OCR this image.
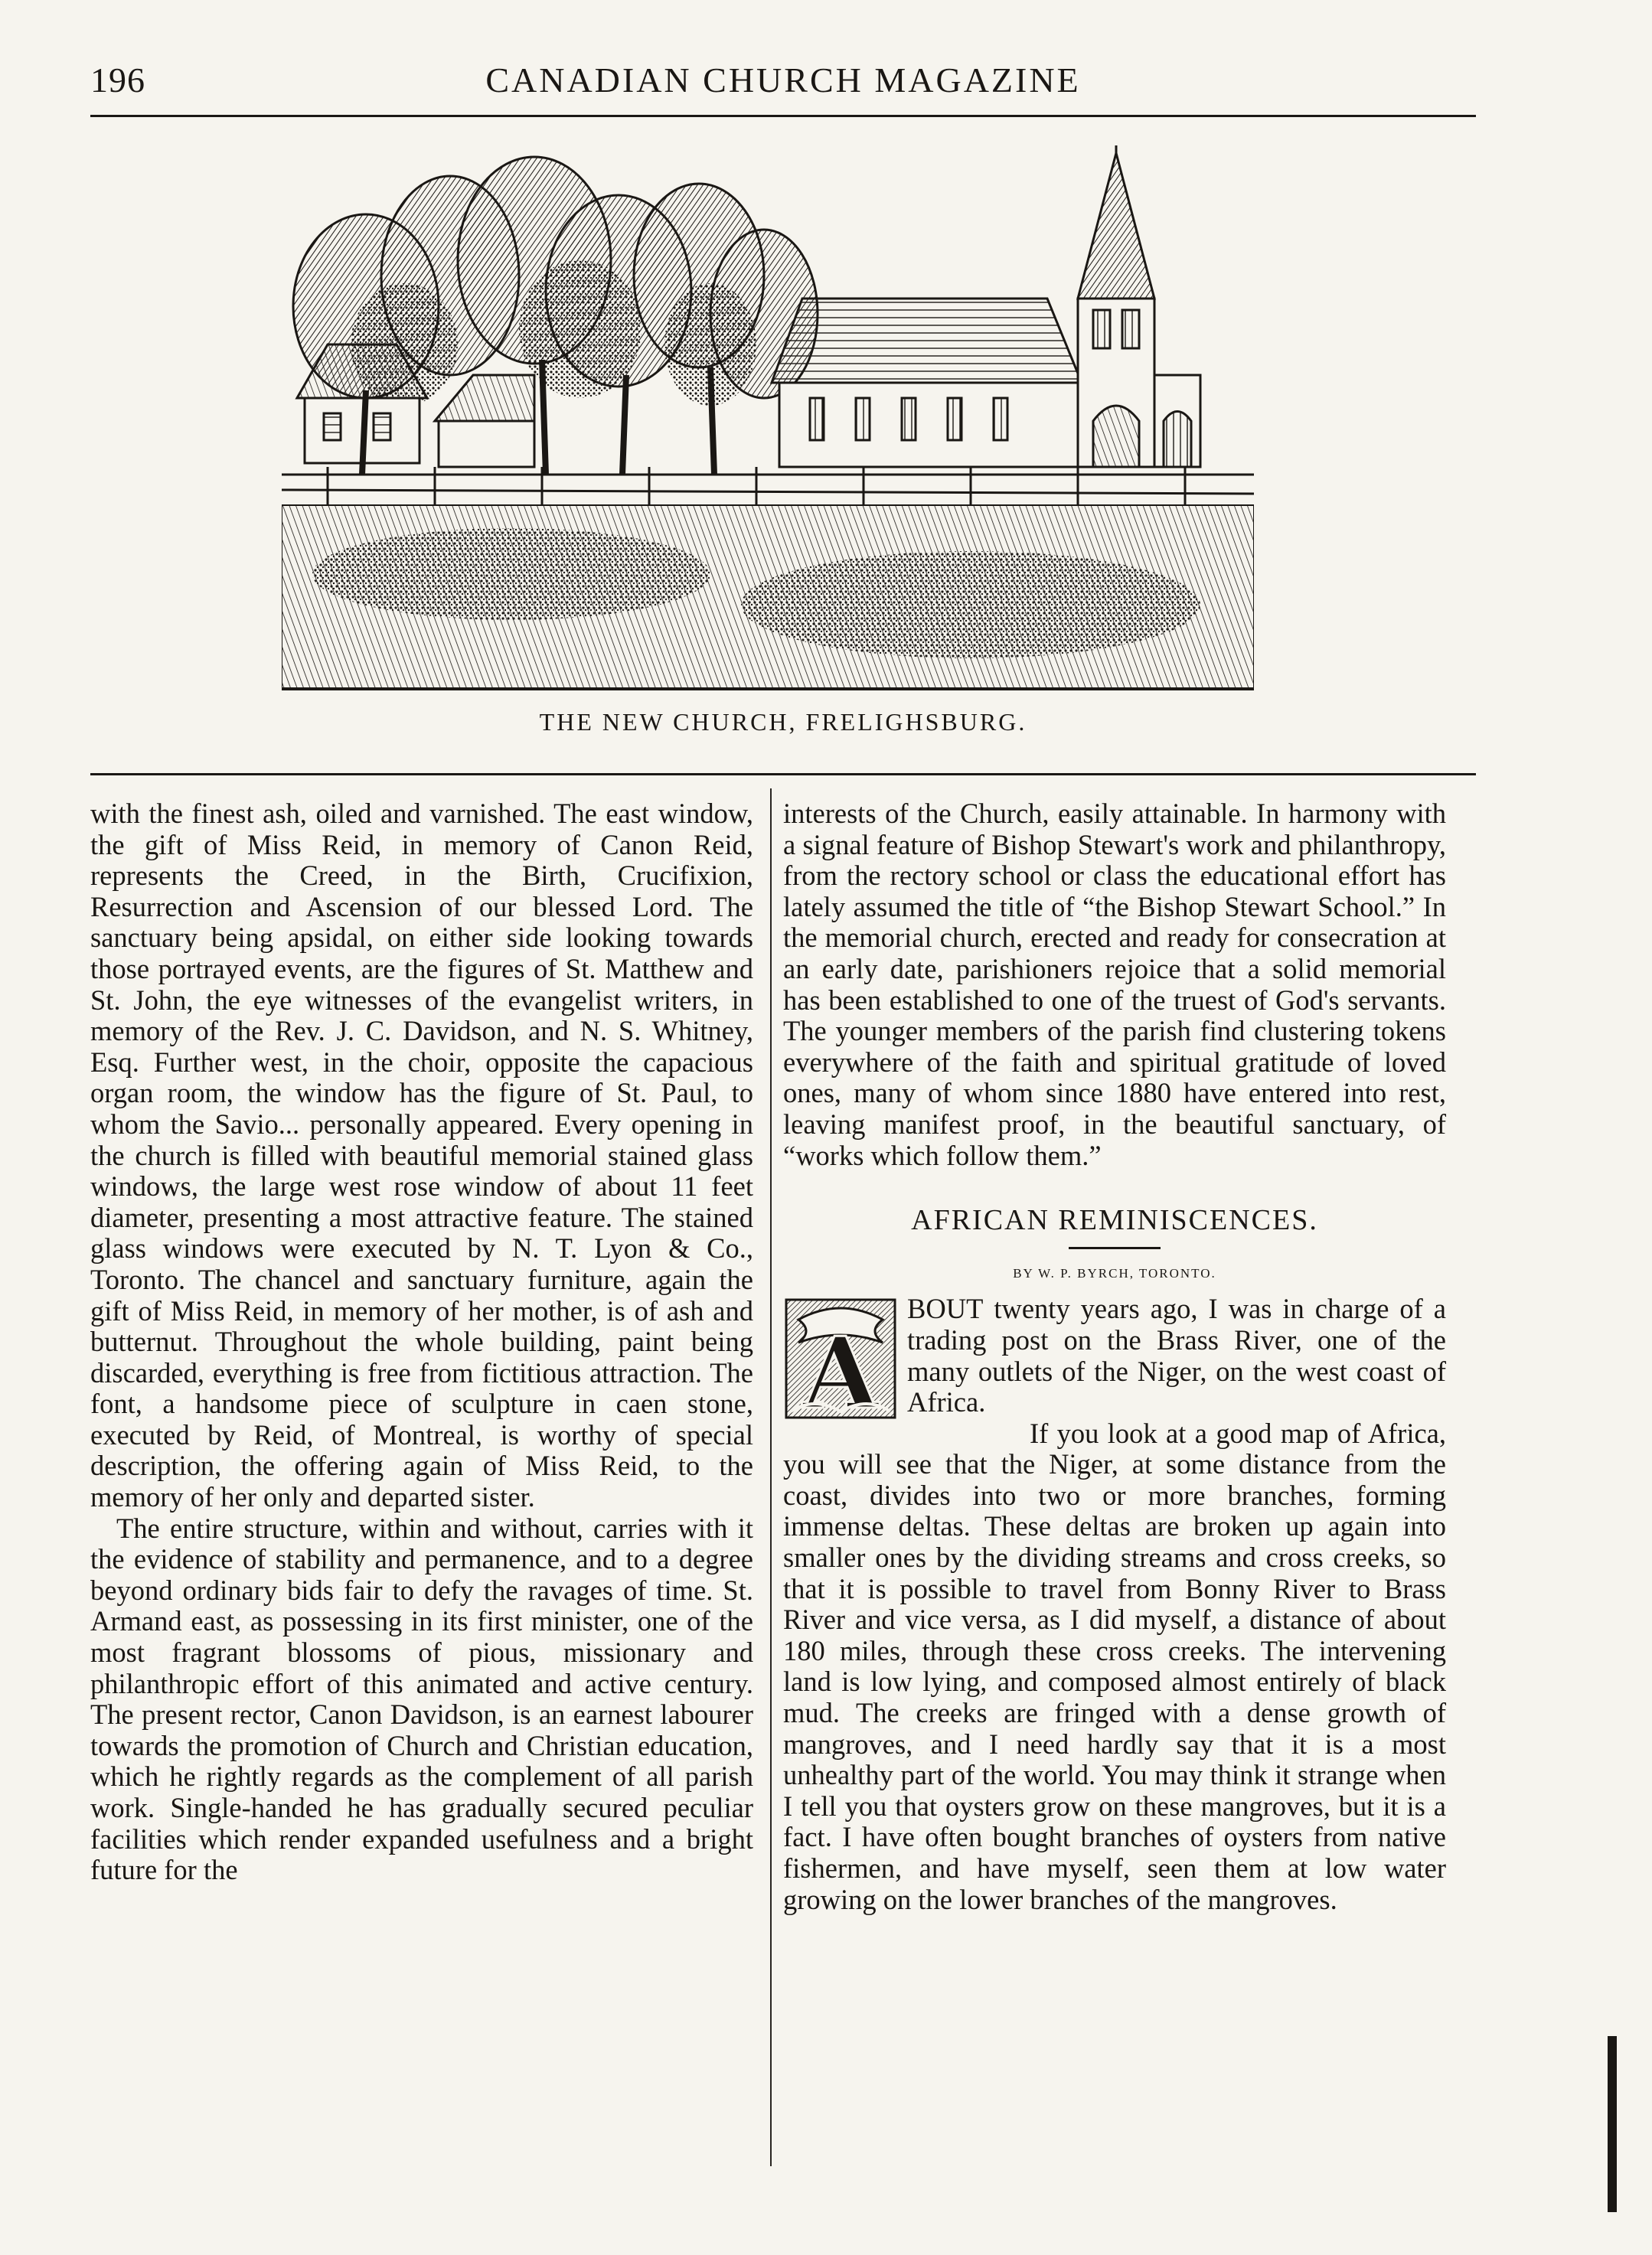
196	CANADIAN CHURCH MAGAZINE
THE NEW CHURCH, FRELIGHSBURG.

with the finest ash, oiled and varnished. The east window, the gift of Miss Reid, in memory of Canon Reid, represents the Creed, in the Birth, Crucifixion, Resurrection and Ascension of our blessed Lord. The sanctuary being apsidal, on either side looking towards those portrayed events, are the figures of St. Matthew and St. John, the eye witnesses of the evangelist writers, in memory of the Rev. J. C. Davidson, and N. S. Whitney, Esq. Further west, in the choir, opposite the capacious organ room, the window has the figure of St. Paul, to whom the Savio... personally appeared. Every opening in the church is filled with beautiful memorial stained glass windows, the large west rose window of about 11 feet diameter, presenting a most attractive feature. The stained glass windows were executed by N. T. Lyon & Co., Toronto. The chancel and sanctuary furniture, again the gift of Miss Reid, in memory of her mother, is of ash and butternut. Throughout the whole building, paint being discarded, everything is free from fictitious attraction. The font, a handsome piece of sculpture in caen stone, executed by Reid, of Montreal, is worthy of special description, the offering again of Miss Reid, to the memory of her only and departed sister.

The entire structure, within and without, carries with it the evidence of stability and permanence, and to a degree beyond ordinary bids fair to defy the ravages of time. St. Armand east, as possessing in its first minister, one of the most fragrant blossoms of pious, missionary and philanthropic effort of this animated and active century. The present rector, Canon Davidson, is an earnest labourer towards the promotion of Church and Christian education, which he rightly regards as the complement of all parish work. Single-handed he has gradually secured peculiar facilities which render expanded usefulness and a bright future for the

interests of the Church, easily attainable. In harmony with a signal feature of Bishop Stewart's work and philanthropy, from the rectory school or class the educational effort has lately assumed the title of “the Bishop Stewart School.” In the memorial church, erected and ready for consecration at an early date, parishioners rejoice that a solid memorial has been established to one of the truest of God's servants. The younger members of the parish find clustering tokens everywhere of the faith and spiritual gratitude of loved ones, many of whom since 1880 have entered into rest, leaving manifest proof, in the beautiful sanctuary, of “works which follow them.”

AFRICAN REMINISCENCES.
BY W. P. BYRCH, TORONTO.
A
BOUT twenty years ago, I was in charge of a trading post on the Brass River, one of the many outlets of the Niger, on the west coast of Africa.

If you look at a good map of Africa, you will see that the Niger, at some distance from the coast, divides into two or more branches, forming immense deltas. These deltas are broken up again into smaller ones by the dividing streams and cross creeks, so that it is possible to travel from Bonny River to Brass River and vice versa, as I did myself, a distance of about 180 miles, through these cross creeks. The intervening land is low lying, and composed almost entirely of black mud. The creeks are fringed with a dense growth of mangroves, and I need hardly say that it is a most unhealthy part of the world. You may think it strange when I tell you that oysters grow on these mangroves, but it is a fact. I have often bought branches of oysters from native fishermen, and have myself, seen them at low water growing on the lower branches of the mangroves.
